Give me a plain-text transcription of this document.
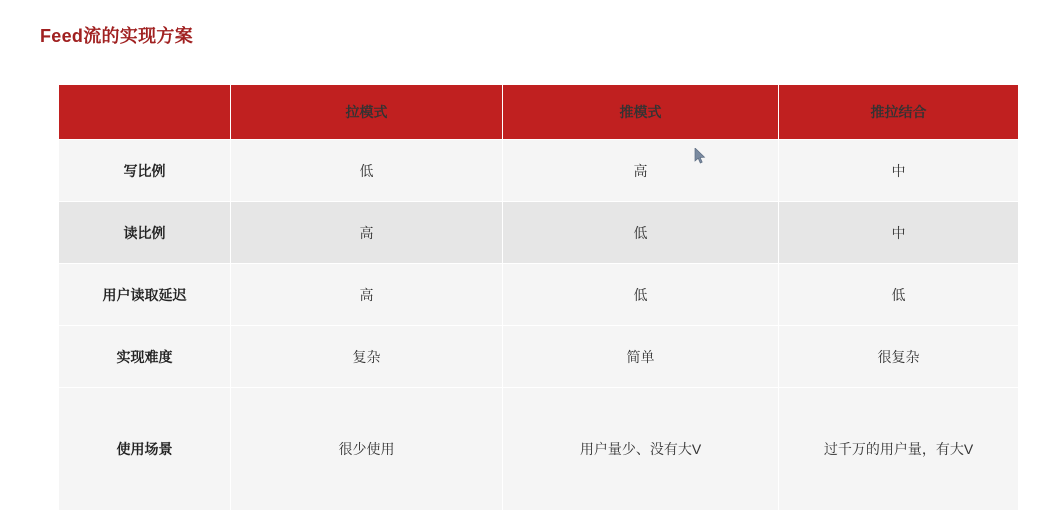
Feed流的实现方案
	拉模式	推模式	推拉结合
写比例	低	高	中
读比例	高	低	中
用户读取延迟	高	低	低
实现难度	复杂	简单	很复杂
使用场景	很少使用	用户量少、没有大V	过千万的用户量，有大V
